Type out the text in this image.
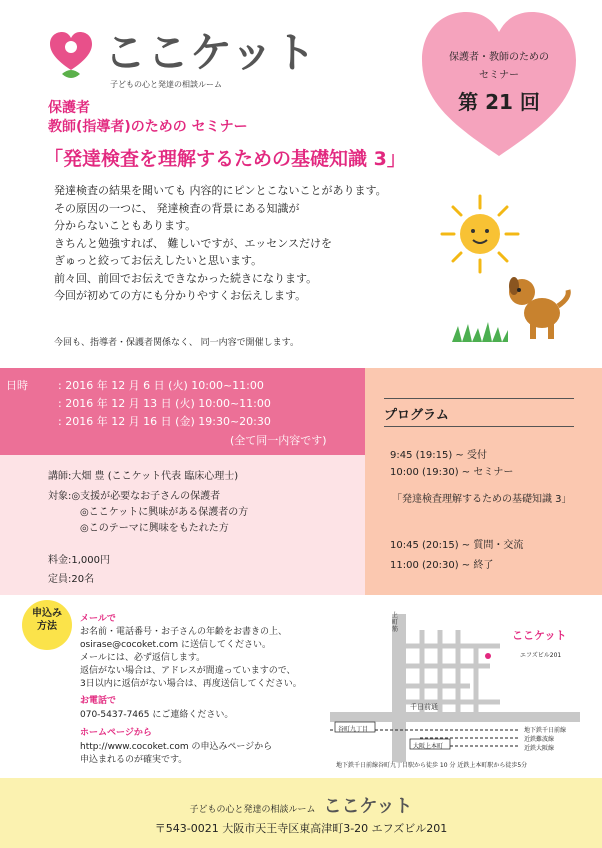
ここケット
子どもの心と発達の相談ルーム
保護者
教師(指導者)のための セミナー
「発達検査を理解するための基礎知識 3」
保護者・教師のための
セミナー
第 21 回
発達検査の結果を聞いても 内容的にピンとこないことがあります。
その原因の一つに、 発達検査の背景にある知識が
分からないこともあります。
きちんと勉強すれば、 難しいですが、エッセンスだけを
ぎゅっと絞ってお伝えしたいと思います。
前々回、前回でお伝えできなかった続きになります。
今回が初めての方にも分かりやすくお伝えします。
今回も、指導者・保護者関係なく、 同一内容で開催します。
日時	: 2016 年 12 月 6 日 (火) 10:00~11:00
: 2016 年 12 月 13 日 (火) 10:00~11:00
: 2016 年 12 月 16 日 (金) 19:30~20:30
(全て同一内容です)
講師:大畑 豊 (ここケット代表 臨床心理士)
対象:◎支援が必要なお子さんの保護者
◎ここケットに興味がある保護者の方
◎このテーマに興味をもたれた方
料金:1,000円
定員:20名
プログラム
9:45 (19:15) ~ 受付
10:00 (19:30) ~ セミナー
「発達検査理解するための基礎知識 3」
10:45 (20:15) ~ 質問・交流
11:00 (20:30) ~ 終了
申込み
方法
メールで
お名前・電話番号・お子さんの年齢をお書きの上、
osirase@cocoket.com に送信してください。
メールには、必ず返信します。
返信がない場合は、アドレスが間違っていますので、
3日以内に返信がない場合は、再度送信してください。
お電話で
070-5437-7465 にご連絡ください。
ホームページから
http://www.cocoket.com の申込みページから
申込まれるのが確実です。
上町筋
千日前通
ここケット
エフズビル201
谷町九丁目
大阪上本町
地下鉄千日前線
近鉄難波線
近鉄大阪線
地下鉄千日前線谷町九丁目駅から徒歩 10 分 近鉄上本町駅から徒歩5分
子どもの心と発達の相談ルーム ここケット
〒543-0021 大阪市天王寺区東高津町3-20 エフズビル201
